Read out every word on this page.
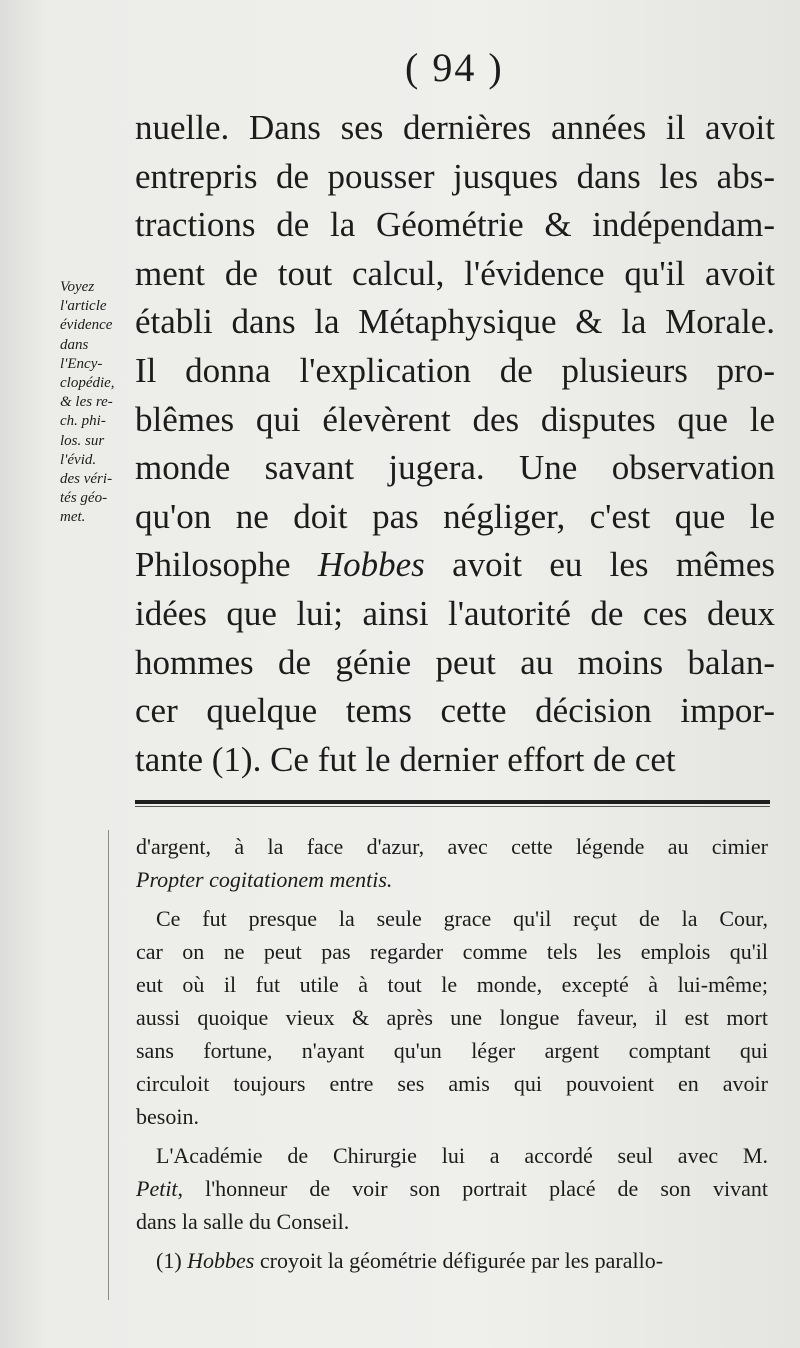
( 94 )
nuelle. Dans ses dernières années il avoit
entrepris de pousser jusques dans les abs-
tractions de la Géométrie & indépendam-
ment de tout calcul, l'évidence qu'il avoit
établi dans la Métaphysique & la Morale.
Il donna l'explication de plusieurs pro-
blêmes qui élevèrent des disputes que le
monde savant jugera. Une observation
qu'on ne doit pas négliger, c'est que le
Philosophe Hobbes avoit eu les mêmes
idées que lui; ainsi l'autorité de ces deux
hommes de génie peut au moins balan-
cer quelque tems cette décision impor-
tante (1). Ce fut le dernier effort de cet
Voyez
l'article
évidence
dans
l'Ency-
clopédie,
& les re-
ch. phi-
los. sur
l'évid.
des véri-
tés géo-
met.
d'argent, à la face d'azur, avec cette légende au cimier
Propter cogitationem mentis.
Ce fut presque la seule grace qu'il reçut de la Cour,
car on ne peut pas regarder comme tels les emplois qu'il
eut où il fut utile à tout le monde, excepté à lui-même;
aussi quoique vieux & après une longue faveur, il est mort
sans fortune, n'ayant qu'un léger argent comptant qui
circuloit toujours entre ses amis qui pouvoient en avoir
besoin.
L'Académie de Chirurgie lui a accordé seul avec M.
Petit, l'honneur de voir son portrait placé de son vivant
dans la salle du Conseil.
(1) Hobbes croyoit la géométrie défigurée par les parallo-
